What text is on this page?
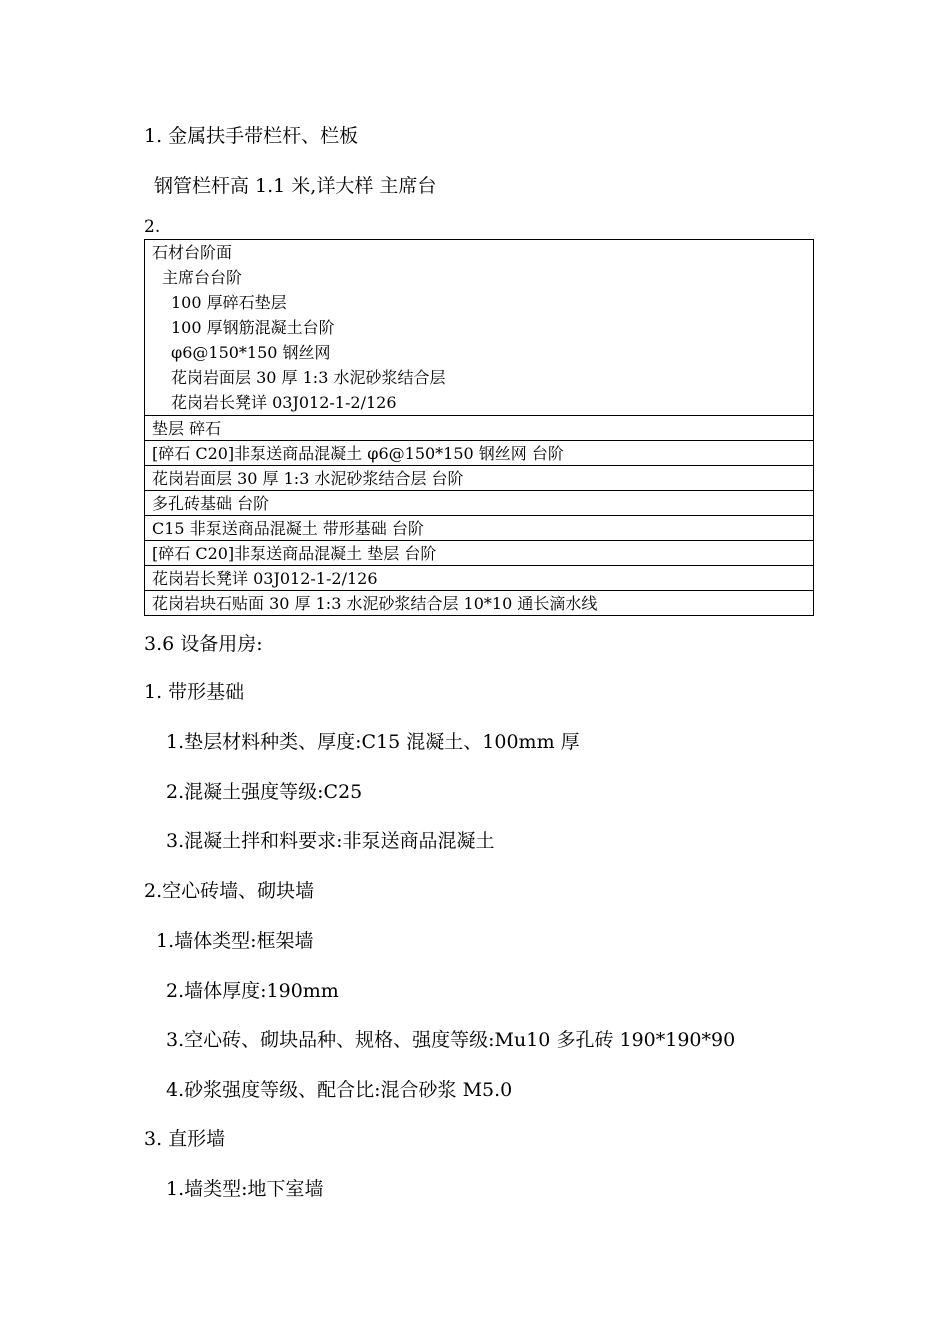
1. 金属扶手带栏杆、栏板
钢管栏杆高 1.1 米,详大样 主席台
2.
石材台阶面
主席台台阶
100 厚碎石垫层
100 厚钢筋混凝土台阶
φ6@150*150 钢丝网
花岗岩面层 30 厚 1:3 水泥砂浆结合层
花岗岩长凳详 03J012-1-2/126
垫层 碎石
[碎石 C20]非泵送商品混凝土 φ6@150*150 钢丝网 台阶
花岗岩面层 30 厚 1:3 水泥砂浆结合层 台阶
多孔砖基础 台阶
C15 非泵送商品混凝土 带形基础 台阶
[碎石 C20]非泵送商品混凝土 垫层 台阶
花岗岩长凳详 03J012-1-2/126
花岗岩块石贴面 30 厚 1:3 水泥砂浆结合层 10*10 通长滴水线
3.6 设备用房:
1. 带形基础
1.垫层材料种类、厚度:C15 混凝土、100mm 厚
2.混凝土强度等级:C25
3.混凝土拌和料要求:非泵送商品混凝土
2.空心砖墙、砌块墙
1.墙体类型:框架墙
2.墙体厚度:190mm
3.空心砖、砌块品种、规格、强度等级:Mu10 多孔砖 190*190*90
4.砂浆强度等级、配合比:混合砂浆 M5.0
3. 直形墙
1.墙类型:地下室墙
